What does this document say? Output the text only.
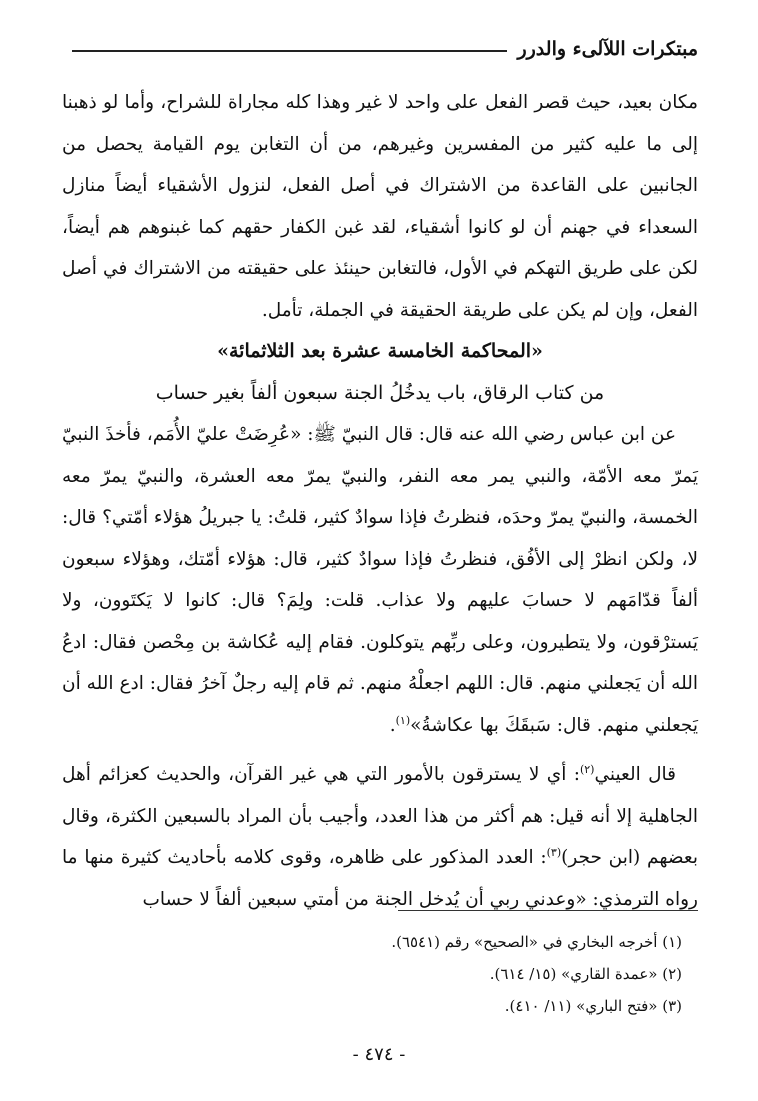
مبتكرات اللآلیء والدرر

مكان بعيد، حيث قصر الفعل على واحد لا غير وهذا كله مجاراة للشراح، وأما لو ذهبنا إلى ما عليه كثير من المفسرين وغيرهم، من أن التغابن يوم القيامة يحصل من الجانبين على القاعدة من الاشتراك في أصل الفعل، لنزول الأشقياء أيضاً منازل السعداء في جهنم أن لو كانوا أشقياء، لقد غبن الكفار حقهم كما غبنوهم هم أيضاً، لكن على طريق التهكم في الأول، فالتغابن حينئذ على حقيقته من الاشتراك في أصل الفعل، وإن لم يكن على طريقة الحقيقة في الجملة، تأمل.

«المحاكمة الخامسة عشرة بعد الثلاثمائة»

من كتاب الرقاق، باب يدخُلُ الجنة سبعون ألفاً بغير حساب

عن ابن عباس رضي الله عنه قال: قال النبيّ ﷺ: «عُرِضَتْ عليّ الأُمَم، فأخذَ النبيّ يَمرّ معه الأمّة، والنبي يمر معه النفر، والنبيّ يمرّ معه العشرة، والنبيّ يمرّ معه الخمسة، والنبيّ يمرّ وحدَه، فنظرتُ فإذا سوادٌ كثير، قلتُ: يا جبريلُ هؤلاء أمّتي؟ قال: لا، ولكن انظرْ إلى الأفُق، فنظرتُ فإذا سوادٌ كثير، قال: هؤلاء أمّتك، وهؤلاء سبعون ألفاً قدّامَهم لا حسابَ عليهم ولا عذاب. قلت: ولِمَ؟ قال: كانوا لا يَكتَوون، ولا يَسترْقون، ولا يتطيرون، وعلى ربِّهم يتوكلون. فقام إليه عُكاشة بن مِحْصن فقال: ادعُ الله أن يَجعلني منهم. قال: اللهم اجعلْهُ منهم. ثم قام إليه رجلٌ آخرُ فقال: ادع الله أن يَجعلني منهم. قال: سَبقَكَ بها عكاشةُ»$^{(١)}$.

قال العيني$^{(٢)}$: أي لا يسترقون بالأمور التي هي غير القرآن، والحديث كعزائم أهل الجاهلية إلا أنه قيل: هم أكثر من هذا العدد، وأجيب بأن المراد بالسبعين الكثرة، وقال بعضهم (ابن حجر)$^{(٣)}$: العدد المذكور على ظاهره، وقوى كلامه بأحاديث كثيرة منها ما رواه الترمذي: «وعدني ربي أن يُدخل الجنة من أمتي سبعين ألفاً لا حساب

(١) أخرجه البخاري في «الصحيح» رقم (٦٥٤١).
(٢) «عمدة القاري» (١٥/ ٦١٤).
(٣) «فتح الباري» (١١/ ٤١٠).
- ٤٧٤ -
